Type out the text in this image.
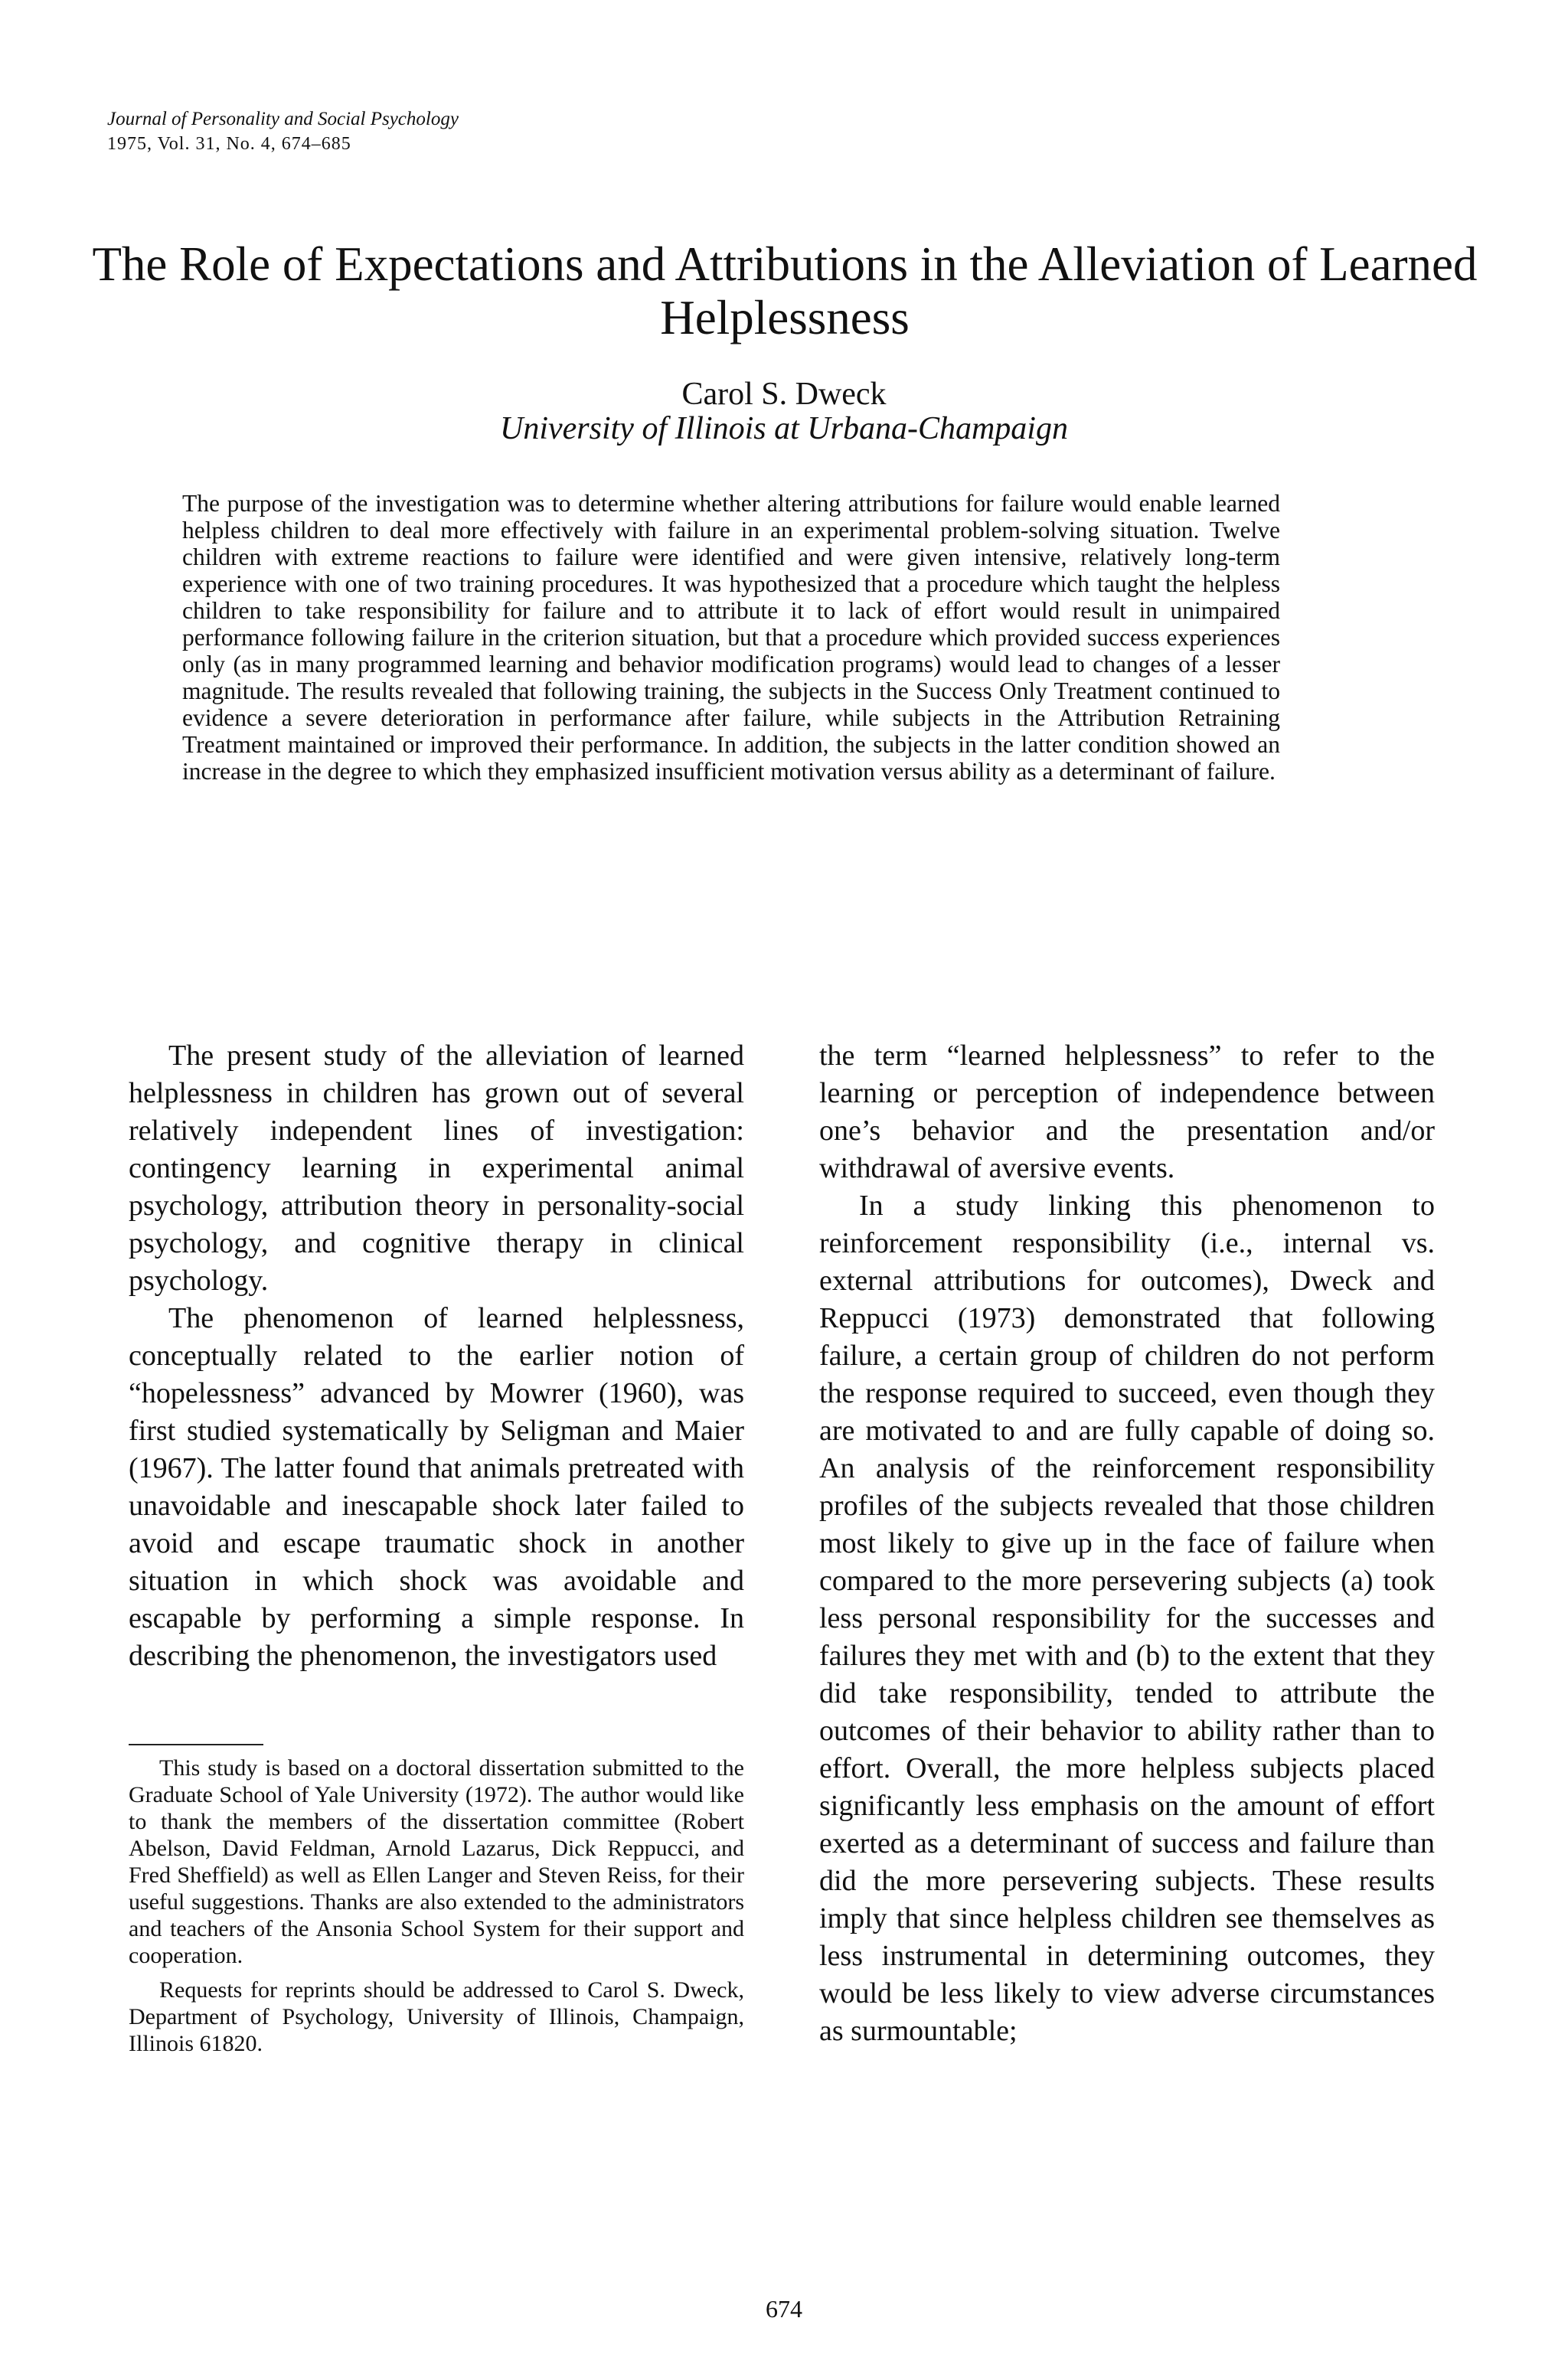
Journal of Personality and Social Psychology
1975, Vol. 31, No. 4, 674–685
The Role of Expectations and Attributions in the Alleviation of Learned Helplessness
Carol S. Dweck
University of Illinois at Urbana-Champaign

The purpose of the investigation was to determine whether altering attributions for failure would enable learned helpless children to deal more effectively with failure in an experimental problem-solving situation. Twelve children with extreme reactions to failure were identified and were given intensive, relatively long-term experience with one of two training procedures. It was hypothesized that a procedure which taught the helpless children to take responsibility for failure and to attribute it to lack of effort would result in unimpaired performance following failure in the criterion situation, but that a procedure which provided success experiences only (as in many programmed learning and behavior modification programs) would lead to changes of a lesser magnitude. The results revealed that following training, the subjects in the Success Only Treatment continued to evidence a severe deterioration in performance after failure, while subjects in the Attribution Retraining Treatment maintained or improved their performance. In addition, the subjects in the latter condition showed an increase in the degree to which they emphasized insufficient motivation versus ability as a determinant of failure.

The present study of the alleviation of learned helplessness in children has grown out of several relatively independent lines of investigation: contingency learning in experimental animal psychology, attribution theory in personality-social psychology, and cognitive therapy in clinical psychology.

The phenomenon of learned helplessness, conceptually related to the earlier notion of “hopelessness” advanced by Mowrer (1960), was first studied systematically by Seligman and Maier (1967). The latter found that animals pretreated with unavoidable and inescapable shock later failed to avoid and escape traumatic shock in another situation in which shock was avoidable and escapable by performing a simple response. In describing the phenomenon, the investigators used

This study is based on a doctoral dissertation submitted to the Graduate School of Yale University (1972). The author would like to thank the members of the dissertation committee (Robert Abelson, David Feldman, Arnold Lazarus, Dick Reppucci, and Fred Sheffield) as well as Ellen Langer and Steven Reiss, for their useful suggestions. Thanks are also extended to the administrators and teachers of the Ansonia School System for their support and cooperation.

Requests for reprints should be addressed to Carol S. Dweck, Department of Psychology, University of Illinois, Champaign, Illinois 61820.

the term “learned helplessness” to refer to the learning or perception of independence between one’s behavior and the presentation and/or withdrawal of aversive events.

In a study linking this phenomenon to reinforcement responsibility (i.e., internal vs. external attributions for outcomes), Dweck and Reppucci (1973) demonstrated that following failure, a certain group of children do not perform the response required to succeed, even though they are motivated to and are fully capable of doing so. An analysis of the reinforcement responsibility profiles of the subjects revealed that those children most likely to give up in the face of failure when compared to the more persevering subjects (a) took less personal responsibility for the successes and failures they met with and (b) to the extent that they did take responsibility, tended to attribute the outcomes of their behavior to ability rather than to effort. Overall, the more helpless subjects placed significantly less emphasis on the amount of effort exerted as a determinant of success and failure than did the more persevering subjects. These results imply that since helpless children see themselves as less instrumental in determining outcomes, they would be less likely to view adverse circumstances as surmountable;

674
